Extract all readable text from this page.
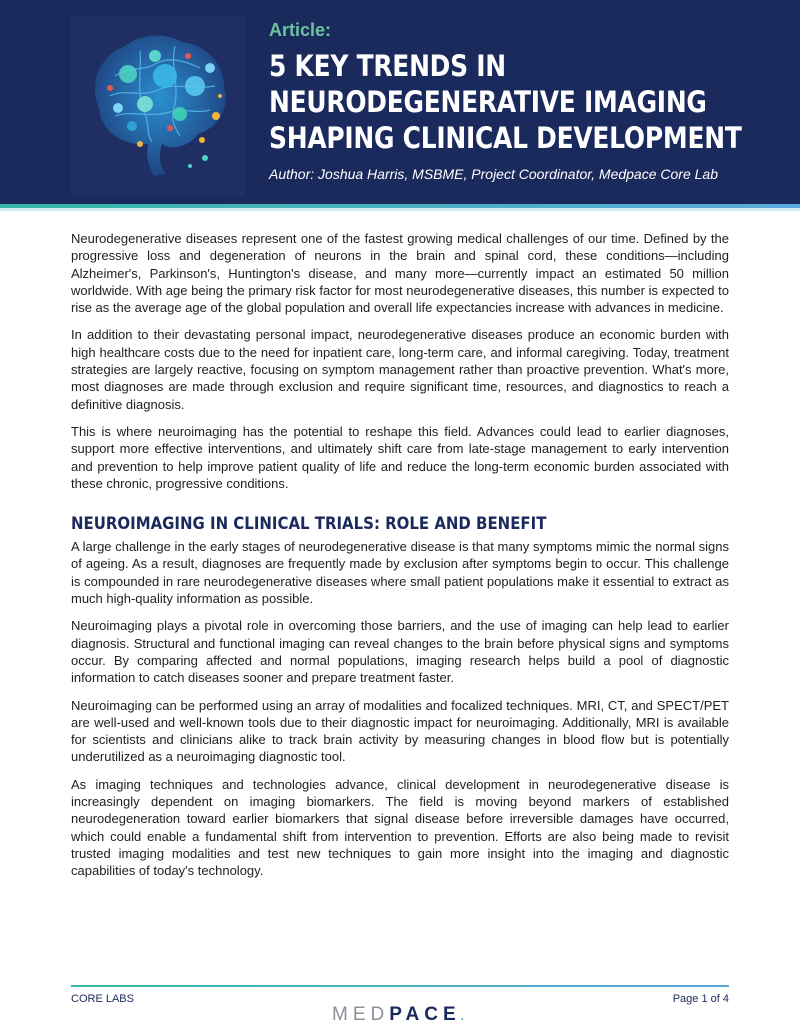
Article:
5 KEY TRENDS IN
NEURODEGENERATIVE IMAGING
SHAPING CLINICAL DEVELOPMENT
Author: Joshua Harris, MSBME, Project Coordinator, Medpace Core Lab

Neurodegenerative diseases represent one of the fastest growing medical challenges of our time. Defined by the progressive loss and degeneration of neurons in the brain and spinal cord, these conditions—including Alzheimer's, Parkinson's, Huntington's disease, and many more—currently impact an estimated 50 million worldwide. With age being the primary risk factor for most neurodegenerative diseases, this number is expected to rise as the average age of the global population and overall life expectancies increase with advances in medicine.

In addition to their devastating personal impact, neurodegenerative diseases produce an economic burden with high healthcare costs due to the need for inpatient care, long-term care, and informal caregiving. Today, treatment strategies are largely reactive, focusing on symptom management rather than proactive prevention. What's more, most diagnoses are made through exclusion and require significant time, resources, and diagnostics to reach a definitive diagnosis.

This is where neuroimaging has the potential to reshape this field. Advances could lead to earlier diagnoses, support more effective interventions, and ultimately shift care from late-stage management to early intervention and prevention to help improve patient quality of life and reduce the long-term economic burden associated with these chronic, progressive conditions.

NEUROIMAGING IN CLINICAL TRIALS: ROLE AND BENEFIT

A large challenge in the early stages of neurodegenerative disease is that many symptoms mimic the normal signs of ageing. As a result, diagnoses are frequently made by exclusion after symptoms begin to occur. This challenge is compounded in rare neurodegenerative diseases where small patient populations make it essential to extract as much high-quality information as possible.

Neuroimaging plays a pivotal role in overcoming those barriers, and the use of imaging can help lead to earlier diagnosis. Structural and functional imaging can reveal changes to the brain before physical signs and symptoms occur. By comparing affected and normal populations, imaging research helps build a pool of diagnostic information to catch diseases sooner and prepare treatment faster.

Neuroimaging can be performed using an array of modalities and focalized techniques. MRI, CT, and SPECT/PET are well-used and well-known tools due to their diagnostic impact for neuroimaging. Additionally, MRI is available for scientists and clinicians alike to track brain activity by measuring changes in blood flow but is potentially underutilized as a neuroimaging diagnostic tool.

As imaging techniques and technologies advance, clinical development in neurodegenerative disease is increasingly dependent on imaging biomarkers. The field is moving beyond markers of established neurodegeneration toward earlier biomarkers that signal disease before irreversible damages have occurred, which could enable a fundamental shift from intervention to prevention. Efforts are also being made to revisit trusted imaging modalities and test new techniques to gain more insight into the imaging and diagnostic capabilities of today's technology.

CORE LABS	Page 1 of 4
MEDPACE.
